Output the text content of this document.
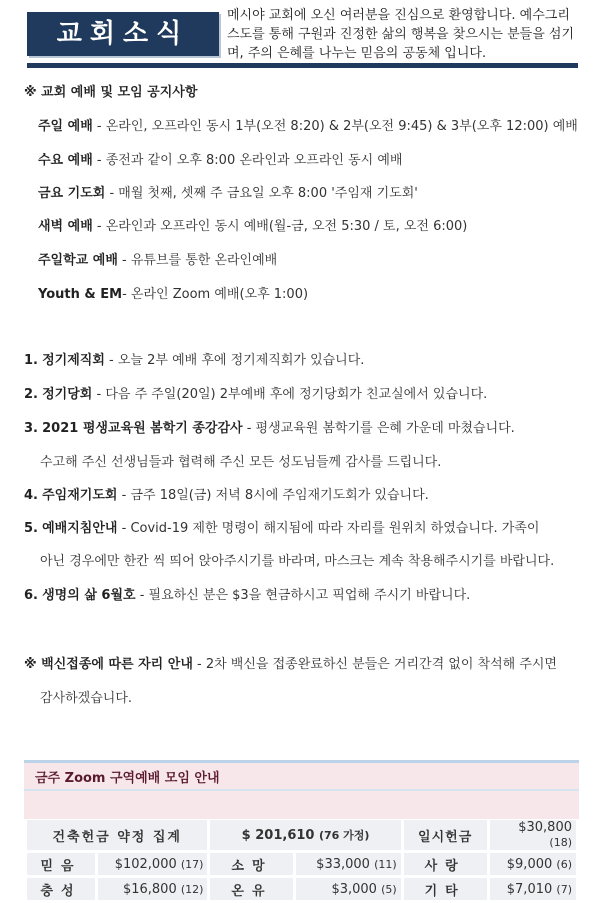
교회소식
메시야 교회에 오신 여러분을 진심으로 환영합니다. 예수그리스도를 통해 구원과 진정한 삶의 행복을 찾으시는 분들을 섬기며, 주의 은혜를 나누는 믿음의 공동체 입니다.
※ 교회 예배 및 모임 공지사항
주일 예배 - 온라인, 오프라인 동시 1부(오전 8:20) & 2부(오전 9:45) & 3부(오후 12:00) 예배
수요 예배 - 종전과 같이 오후 8:00 온라인과 오프라인 동시 예배
금요 기도회 - 매월 첫째, 셋째 주 금요일 오후 8:00 '주임재 기도회'
새벽 예배 - 온라인과 오프라인 동시 예배(월-금, 오전 5:30 / 토, 오전 6:00)
주일학교 예배 - 유튜브를 통한 온라인예배
Youth & EM- 온라인 Zoom 예배(오후 1:00)
1. 정기제직회 - 오늘 2부 예배 후에 정기제직회가 있습니다.
2. 정기당회 - 다음 주 주일(20일) 2부예배 후에 정기당회가 친교실에서 있습니다.
3. 2021 평생교육원 봄학기 종강감사 - 평생교육원 봄학기를 은혜 가운데 마쳤습니다.
수고해 주신 선생님들과 협력해 주신 모든 성도님들께 감사를 드립니다.
4. 주임재기도회 - 금주 18일(금) 저녁 8시에 주임재기도회가 있습니다.
5. 예배지침안내 - Covid-19 제한 명령이 해지됨에 따라 자리를 원위치 하였습니다. 가족이
아닌 경우에만 한칸 씩 띄어 앉아주시기를 바라며, 마스크는 계속 착용해주시기를 바랍니다.
6. 생명의 삶 6월호 - 필요하신 분은 $3을 현금하시고 픽업해 주시기 바랍니다.
※ 백신접종에 따른 자리 안내 - 2차 백신을 접종완료하신 분들은 거리간격 없이 착석해 주시면
감사하겠습니다.
금주 Zoom 구역예배 모임 안내
건축헌금 약정 집계		$ 201,610 (76 가정)		일시헌금	$30,800 (18)
믿음	$102,000 (17)	소망	$33,000 (11)	사랑	$9,000 (6)
충성	$16,800 (12)	온유	$3,000 (5)	기타	$7,010 (7)
